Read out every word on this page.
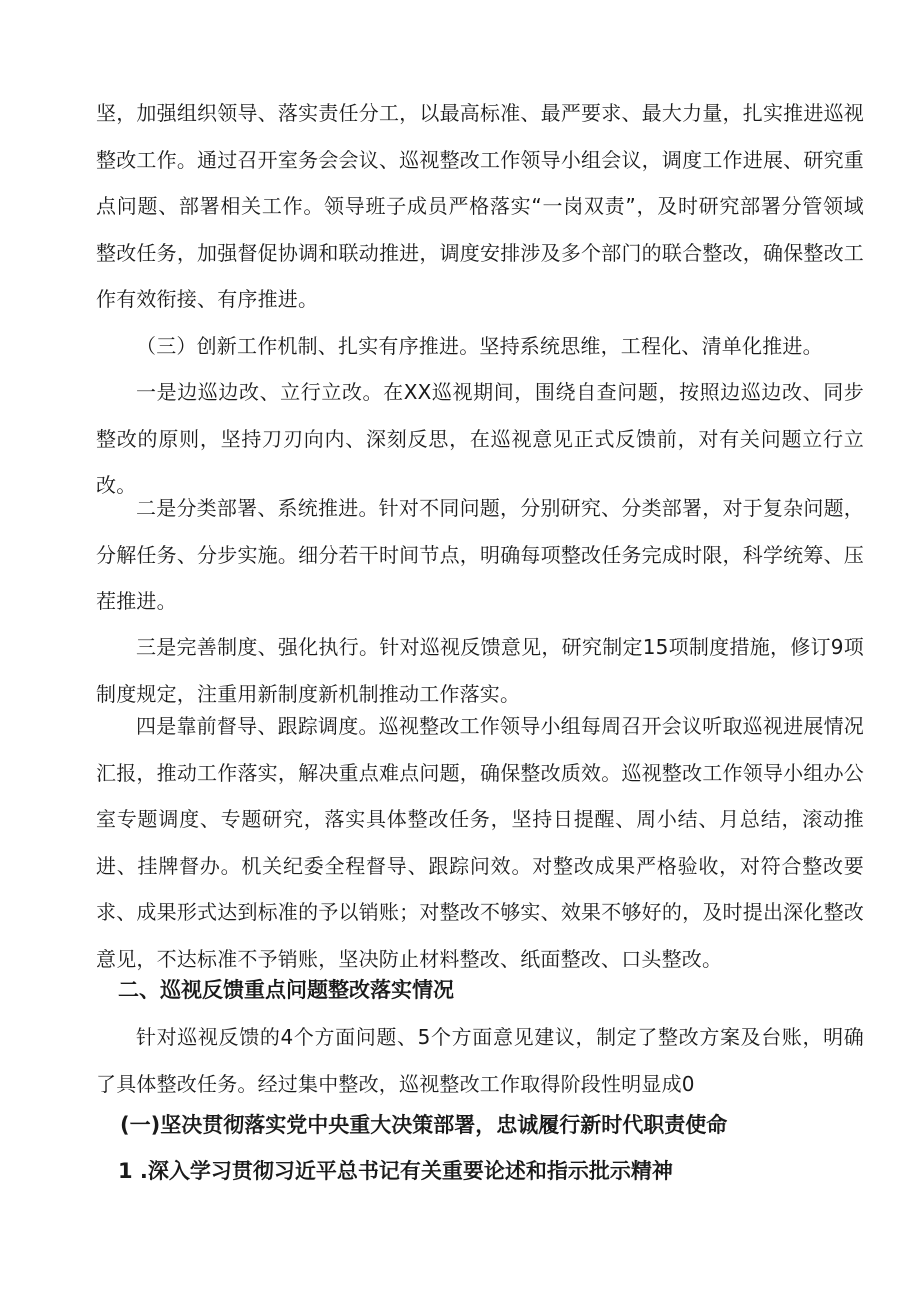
坚，加强组织领导、落实责任分工，以最高标准、最严要求、最大力量，扎实推进巡视整改工作。通过召开室务会会议、巡视整改工作领导小组会议，调度工作进展、研究重点问题、部署相关工作。领导班子成员严格落实“一岗双责”，及时研究部署分管领域整改任务，加强督促协调和联动推进，调度安排涉及多个部门的联合整改，确保整改工作有效衔接、有序推进。

（三）创新工作机制、扎实有序推进。坚持系统思维，工程化、清单化推进。

一是边巡边改、立行立改。在XX巡视期间，围绕自查问题，按照边巡边改、同步整改的原则，坚持刀刃向内、深刻反思，在巡视意见正式反馈前，对有关问题立行立改。

二是分类部署、系统推进。针对不同问题，分别研究、分类部署，对于复杂问题，分解任务、分步实施。细分若干时间节点，明确每项整改任务完成时限，科学统筹、压茬推进。

三是完善制度、强化执行。针对巡视反馈意见，研究制定15项制度措施，修订9项制度规定，注重用新制度新机制推动工作落实。

四是靠前督导、跟踪调度。巡视整改工作领导小组每周召开会议听取巡视进展情况汇报，推动工作落实，解决重点难点问题，确保整改质效。巡视整改工作领导小组办公室专题调度、专题研究，落实具体整改任务，坚持日提醒、周小结、月总结，滚动推进、挂牌督办。机关纪委全程督导、跟踪问效。对整改成果严格验收，对符合整改要求、成果形式达到标准的予以销账；对整改不够实、效果不够好的，及时提出深化整改意见，不达标准不予销账，坚决防止材料整改、纸面整改、口头整改。

二、巡视反馈重点问题整改落实情况

针对巡视反馈的4个方面问题、5个方面意见建议，制定了整改方案及台账，明确了具体整改任务。经过集中整改，巡视整改工作取得阶段性明显成0

(一)坚决贯彻落实党中央重大决策部署，忠诚履行新时代职责使命
1 .深入学习贯彻习近平总书记有关重要论述和指示批示精神
